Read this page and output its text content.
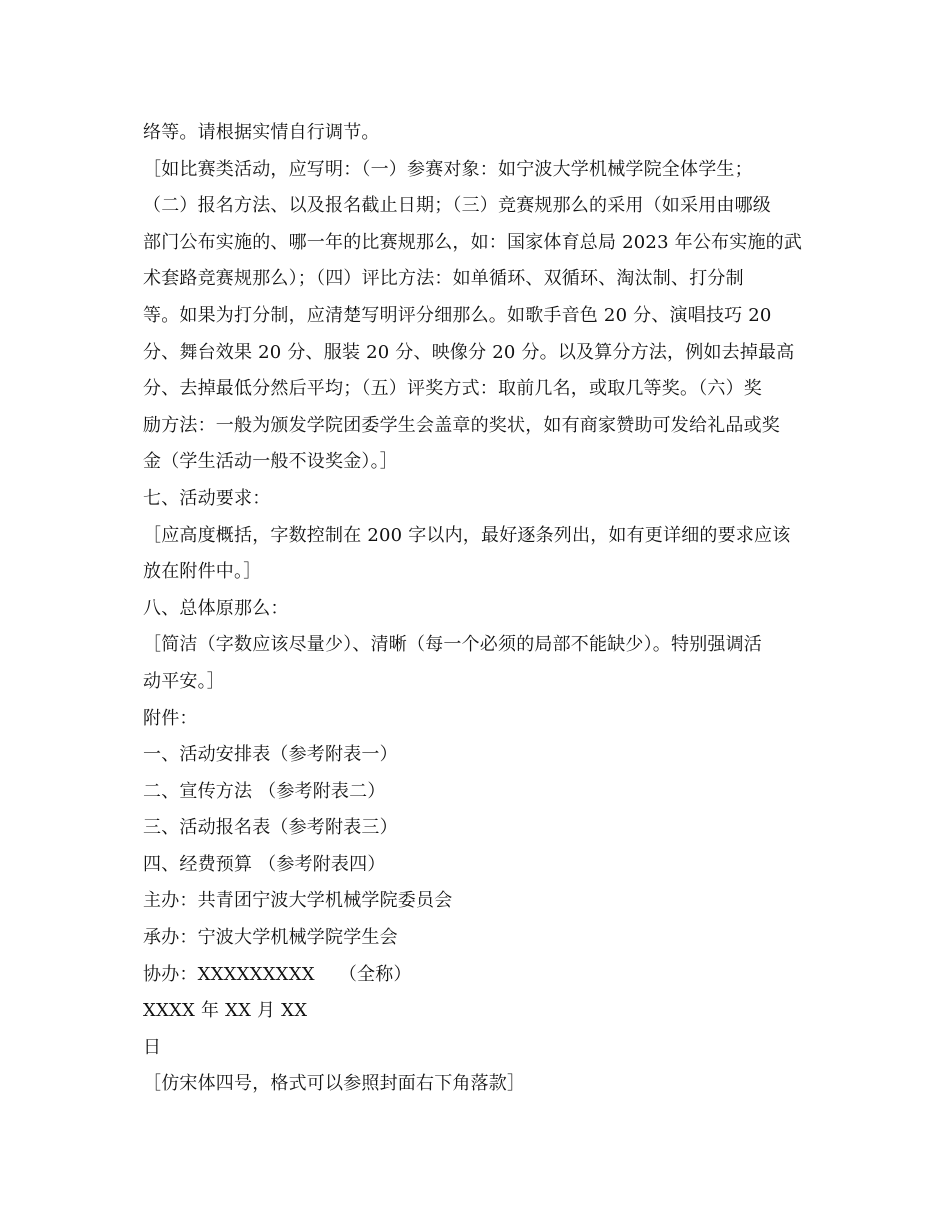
络等。请根据实情自行调节。
［如比赛类活动，应写明：（一）参赛对象：如宁波大学机械学院全体学生；
（二）报名方法、以及报名截止日期；（三）竞赛规那么的采用（如采用由哪级
部门公布实施的、哪一年的比赛规那么，如：国家体育总局 2023 年公布实施的武
术套路竞赛规那么）；（四）评比方法：如单循环、双循环、淘汰制、打分制
等。如果为打分制，应清楚写明评分细那么。如歌手音色 20 分、演唱技巧 20
分、舞台效果 20 分、服装 20 分、映像分 20 分。以及算分方法，例如去掉最高
分、去掉最低分然后平均；（五）评奖方式：取前几名，或取几等奖。（六）奖
励方法：一般为颁发学院团委学生会盖章的奖状，如有商家赞助可发给礼品或奖
金（学生活动一般不设奖金）。］
七、活动要求：
［应高度概括，字数控制在 200 字以内，最好逐条列出，如有更详细的要求应该
放在附件中。］
八、总体原那么：
［简洁（字数应该尽量少）、清晰（每一个必须的局部不能缺少）。特别强调活
动平安。］
附件：
一、活动安排表（参考附表一）
二、宣传方法 （参考附表二）
三、活动报名表（参考附表三）
四、经费预算 （参考附表四）
主办：共青团宁波大学机械学院委员会
承办：宁波大学机械学院学生会
协办：XXXXXXXXX　 （全称）
XXXX 年 XX 月 XX
日
［仿宋体四号，格式可以参照封面右下角落款］
